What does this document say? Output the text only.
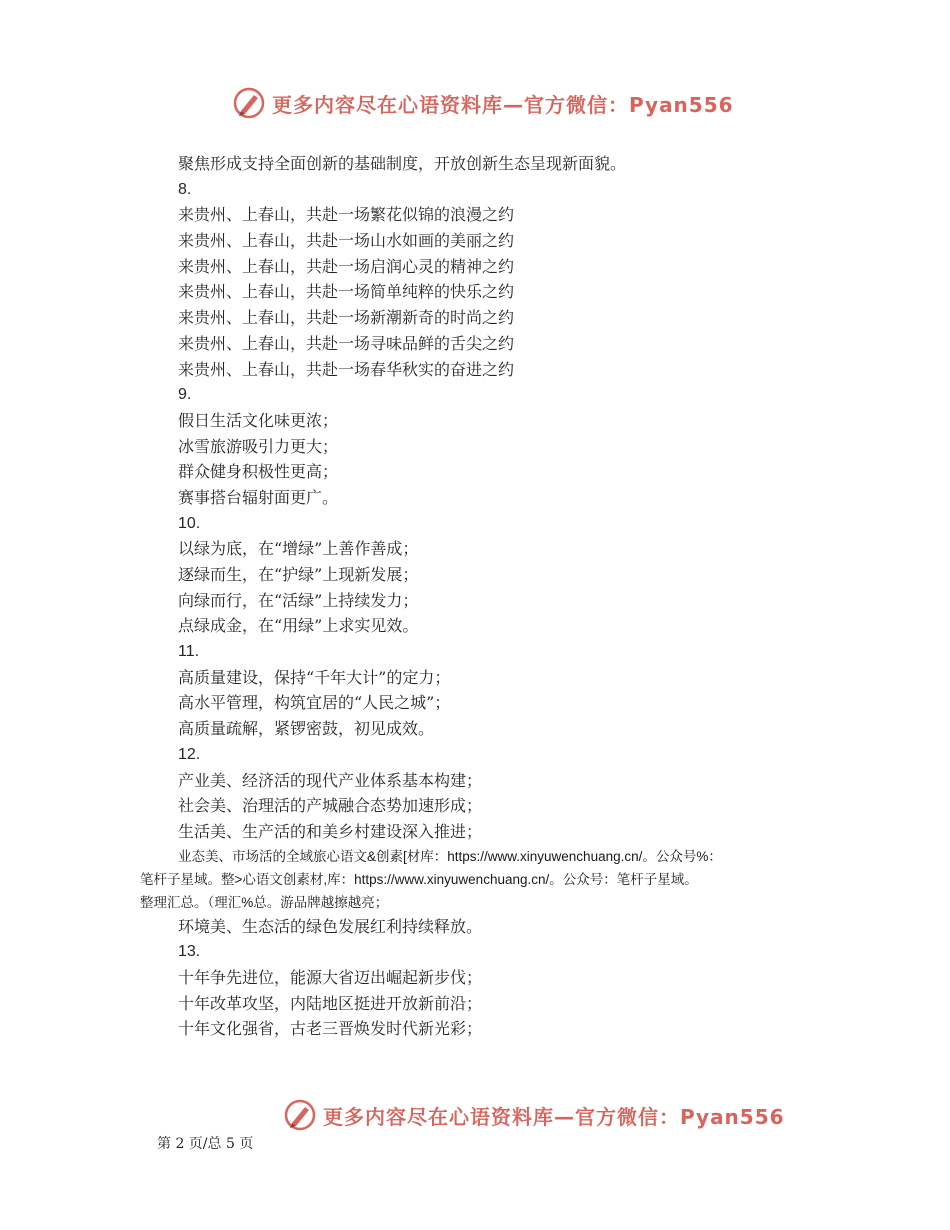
更多内容尽在心语资料库—官方微信：Pyan556
聚焦形成支持全面创新的基础制度，开放创新生态呈现新面貌。
8.
来贵州、上春山，共赴一场繁花似锦的浪漫之约
来贵州、上春山，共赴一场山水如画的美丽之约
来贵州、上春山，共赴一场启润心灵的精神之约
来贵州、上春山，共赴一场简单纯粹的快乐之约
来贵州、上春山，共赴一场新潮新奇的时尚之约
来贵州、上春山，共赴一场寻味品鲜的舌尖之约
来贵州、上春山，共赴一场春华秋实的奋进之约
9.
假日生活文化味更浓；
冰雪旅游吸引力更大；
群众健身积极性更高；
赛事搭台辐射面更广。
10.
以绿为底，在“增绿”上善作善成；
逐绿而生，在“护绿”上现新发展；
向绿而行，在“活绿”上持续发力；
点绿成金，在“用绿”上求实见效。
11.
高质量建设，保持“千年大计”的定力；
高水平管理，构筑宜居的“人民之城”；
高质量疏解，紧锣密鼓，初见成效。
12.
产业美、经济活的现代产业体系基本构建；
社会美、治理活的产城融合态势加速形成；
生活美、生产活的和美乡村建设深入推进；
业态美、市场活的全域旅心语文&创素[材库：https://www.xinyuwenchuang.cn/。公众号%：
笔杆子星域。整>心语文创素材,库：https://www.xinyuwenchuang.cn/。公众号：笔杆子星域。
整理汇总。（理汇%总。游品牌越擦越亮；
环境美、生态活的绿色发展红利持续释放。
13.
十年争先进位，能源大省迈出崛起新步伐；
十年改革攻坚，内陆地区挺进开放新前沿；
十年文化强省，古老三晋焕发时代新光彩；
更多内容尽在心语资料库—官方微信：Pyan556
第 2 页/总 5 页
